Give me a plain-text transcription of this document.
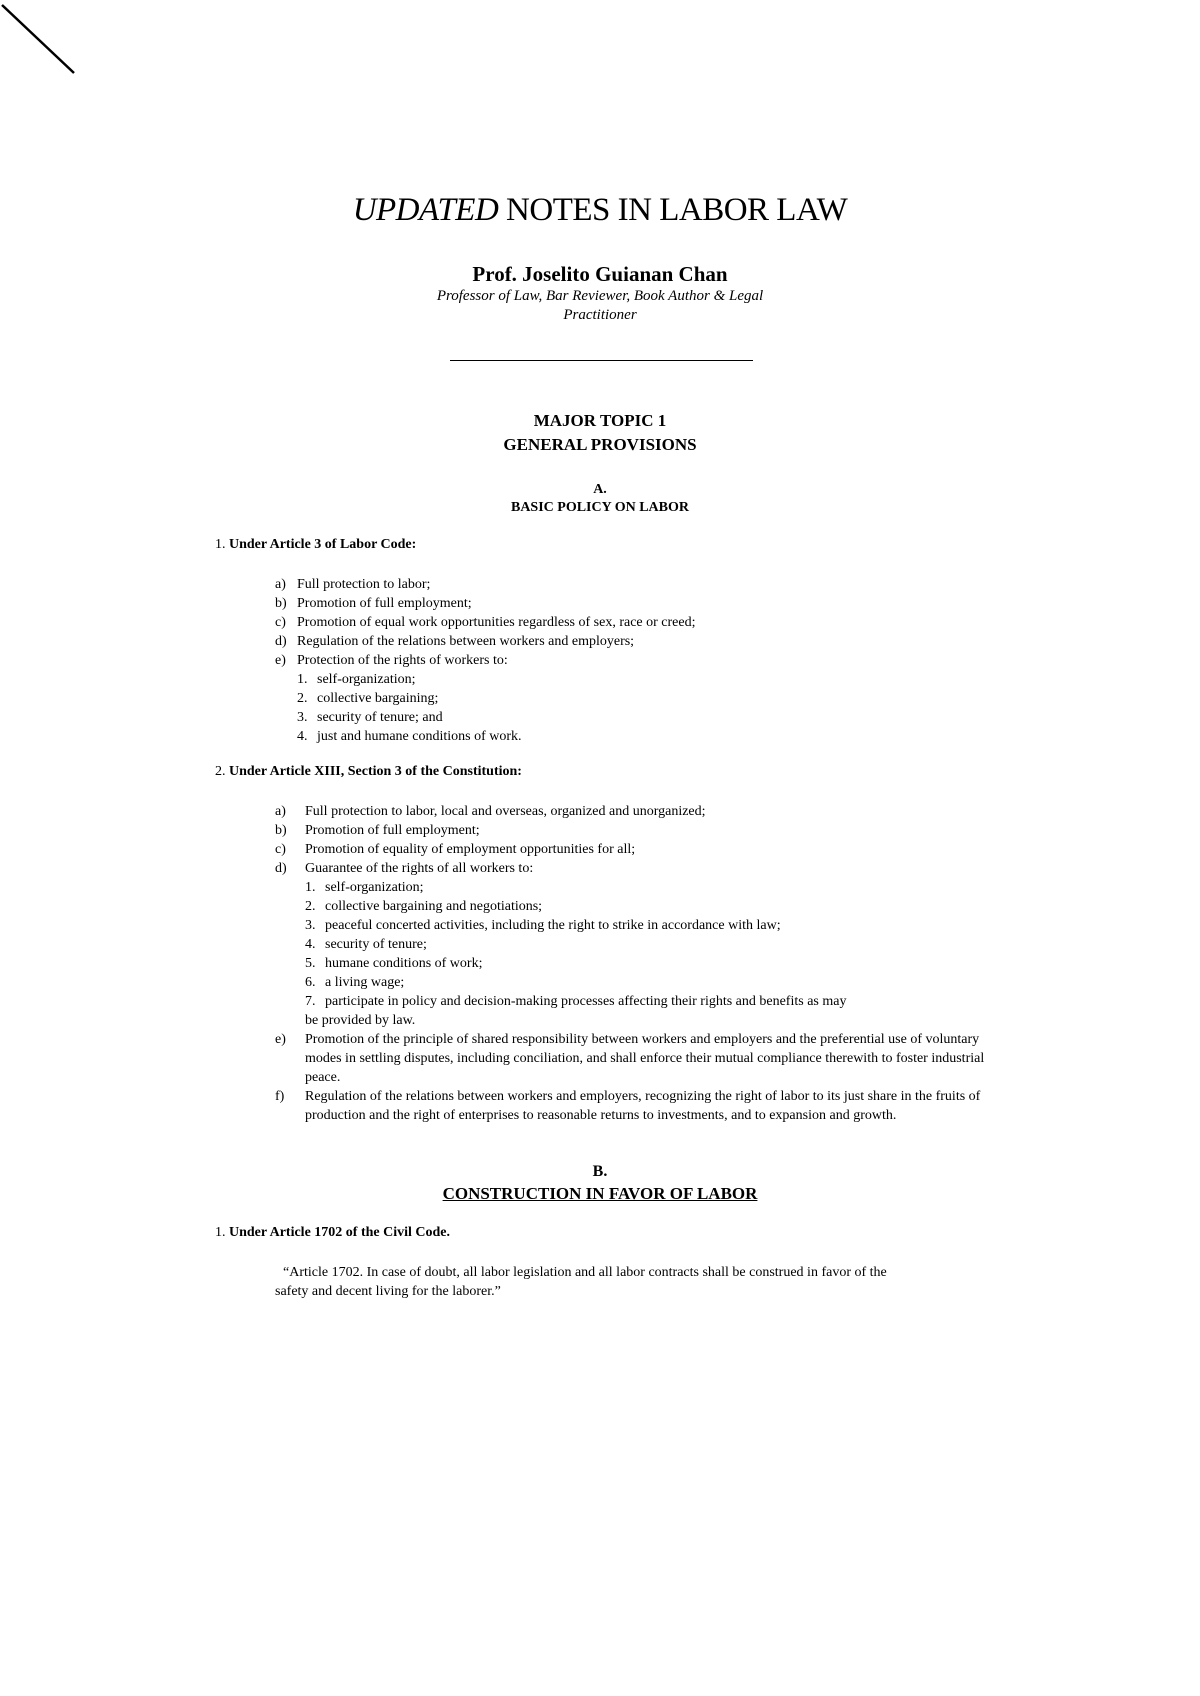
UPDATED NOTES IN LABOR LAW
Prof. Joselito Guianan Chan
Professor of Law, Bar Reviewer, Book Author & Legal
Practitioner
MAJOR TOPIC 1
GENERAL PROVISIONS
A.
BASIC POLICY ON LABOR
1. Under Article 3 of Labor Code:
a) Full protection to labor;
b) Promotion of full employment;
c) Promotion of equal work opportunities regardless of sex, race or creed;
d) Regulation of the relations between workers and employers;
e) Protection of the rights of workers to:
1. self-organization;
2. collective bargaining;
3. security of tenure; and
4. just and humane conditions of work.
2. Under Article XIII, Section 3 of the Constitution:
a)	Full protection to labor, local and overseas, organized and unorganized;
b)	Promotion of full employment;
c)	Promotion of equality of employment opportunities for all;
d)	Guarantee of the rights of all workers to:
1. self-organization;
2. collective bargaining and negotiations;
3. peaceful concerted activities, including the right to strike in accordance with law;
4. security of tenure;
5. humane conditions of work;
6. a living wage;
7. participate in policy and decision-making processes affecting their rights and benefits as may
be provided by law.
e)	Promotion of the principle of shared responsibility between workers and employers and the preferential use of voluntary modes in settling disputes, including conciliation, and shall enforce their mutual compliance therewith to foster industrial peace.
f)	Regulation of the relations between workers and employers, recognizing the right of labor to its just share in the fruits of production and the right of enterprises to reasonable returns to investments, and to expansion and growth.
B.
CONSTRUCTION IN FAVOR OF LABOR
1. Under Article 1702 of the Civil Code.

“Article 1702. In case of doubt, all labor legislation and all labor contracts shall be construed in favor of the safety and decent living for the laborer.”
